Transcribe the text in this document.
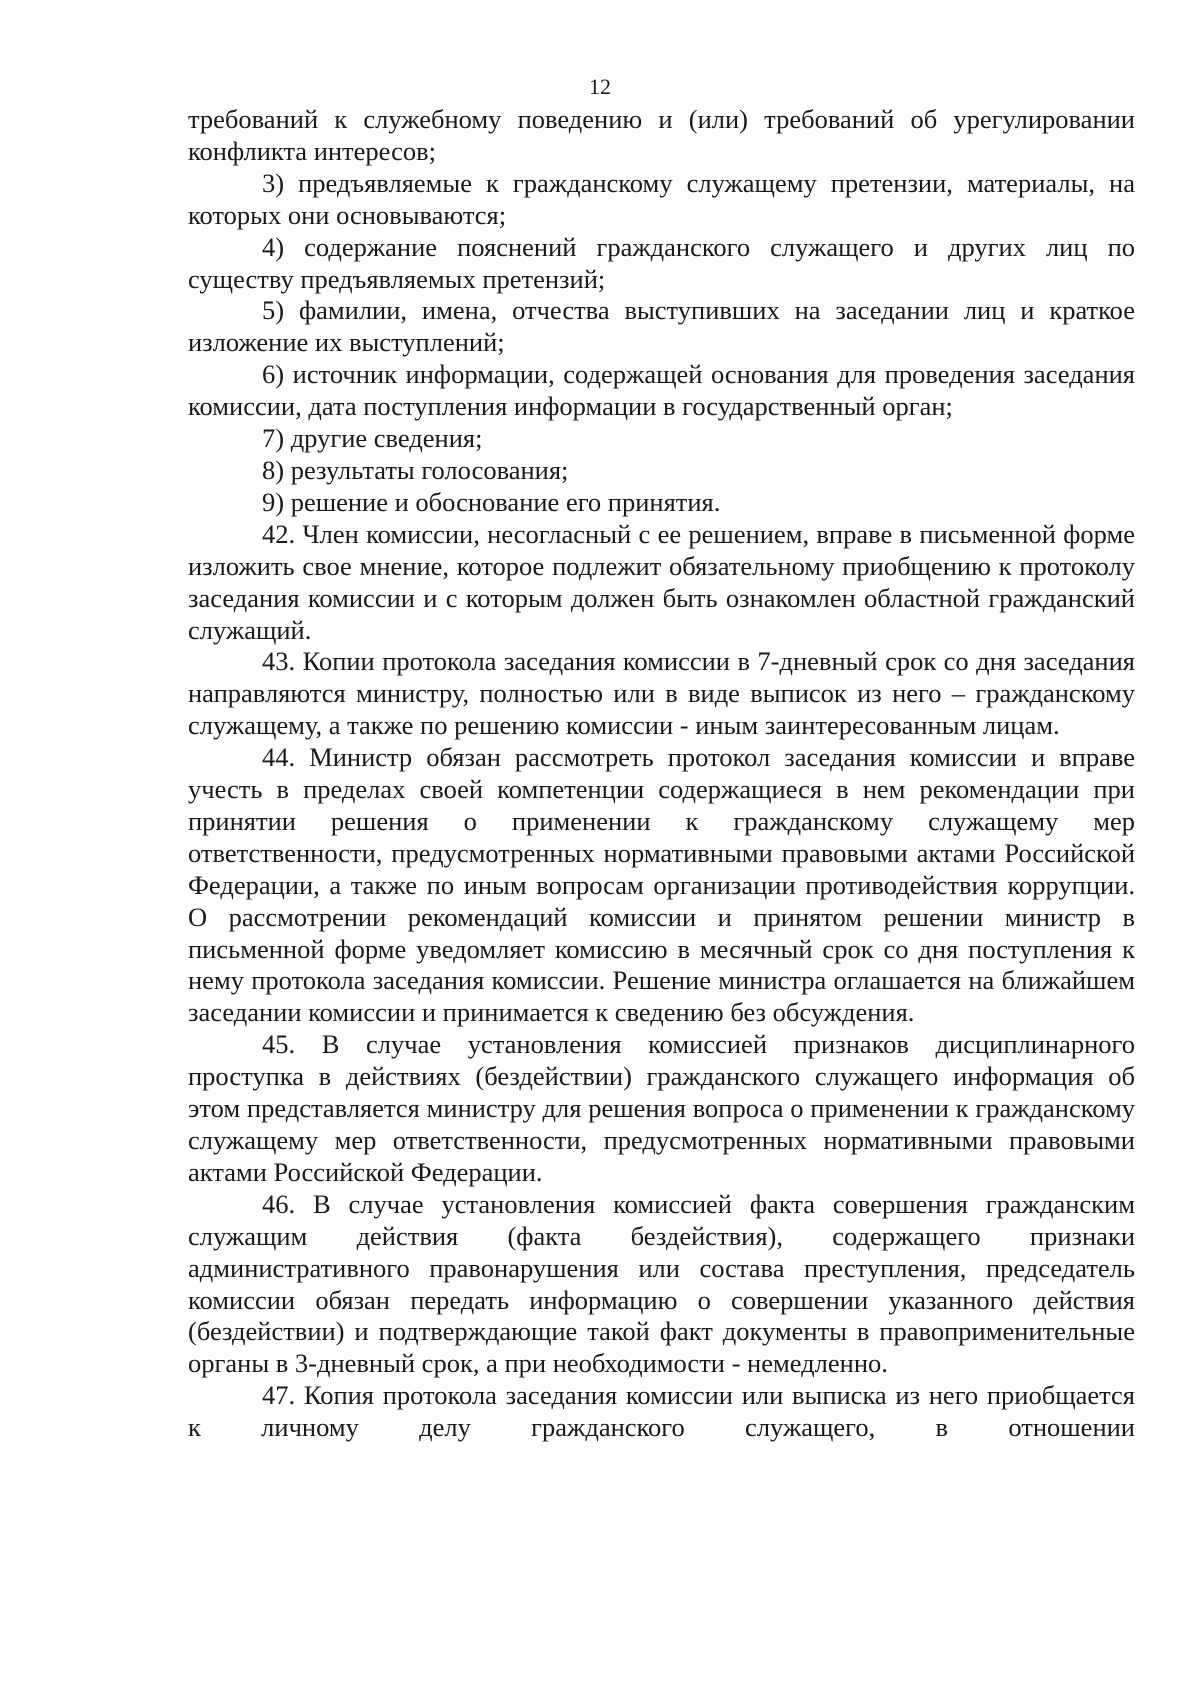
12

требований к служебному поведению и (или) требований об урегулировании конфликта интересов;

3) предъявляемые к гражданскому служащему претензии, материалы, на которых они основываются;

4) содержание пояснений гражданского служащего и других лиц по существу предъявляемых претензий;

5) фамилии, имена, отчества выступивших на заседании лиц и краткое изложение их выступлений;

6) источник информации, содержащей основания для проведения заседания комиссии, дата поступления информации в государственный орган;

7) другие сведения;

8) результаты голосования;

9) решение и обоснование его принятия.

42. Член комиссии, несогласный с ее решением, вправе в письменной форме изложить свое мнение, которое подлежит обязательному приобщению к протоколу заседания комиссии и с которым должен быть ознакомлен областной гражданский служащий.

43. Копии протокола заседания комиссии в 7-дневный срок со дня заседания направляются министру, полностью или в виде выписок из него – гражданскому служащему, а также по решению комиссии - иным заинтересованным лицам.

44. Министр обязан рассмотреть протокол заседания комиссии и вправе учесть в пределах своей компетенции содержащиеся в нем рекомендации при принятии решения о применении к гражданскому служащему мер ответственности, предусмотренных нормативными правовыми актами Российской Федерации, а также по иным вопросам организации противодействия коррупции. О рассмотрении рекомендаций комиссии и принятом решении министр в письменной форме уведомляет комиссию в месячный срок со дня поступления к нему протокола заседания комиссии. Решение министра оглашается на ближайшем заседании комиссии и принимается к сведению без обсуждения.

45. В случае установления комиссией признаков дисциплинарного проступка в действиях (бездействии) гражданского служащего информация об этом представляется министру для решения вопроса о применении к гражданскому служащему мер ответственности, предусмотренных нормативными правовыми актами Российской Федерации.

46. В случае установления комиссией факта совершения гражданским служащим действия (факта бездействия), содержащего признаки административного правонарушения или состава преступления, председатель комиссии обязан передать информацию о совершении указанного действия (бездействии) и подтверждающие такой факт документы в правоприменительные органы в 3-дневный срок, а при необходимости - немедленно.

47. Копия протокола заседания комиссии или выписка из него приобщается к личному делу гражданского служащего, в отношении
